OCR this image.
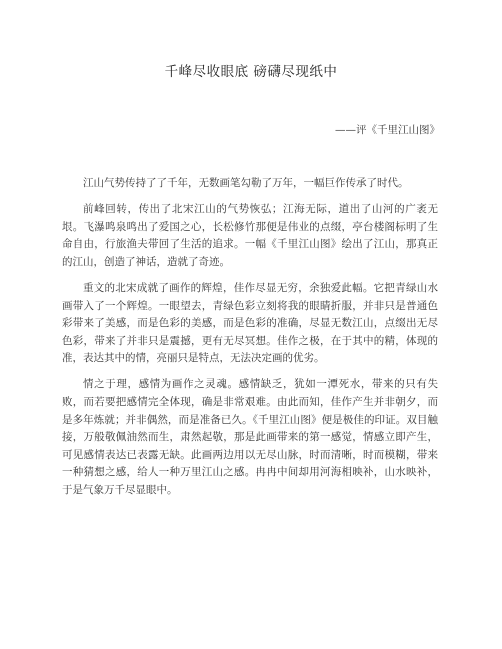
千峰尽收眼底 磅礴尽现纸中
——评《千里江山图》

江山气势传持了了千年，无数画笔勾勒了万年，一幅巨作传承了时代。

前峰回转，传出了北宋江山的气势恢弘；江海无际，道出了山河的广袤无垠。飞瀑鸣泉鸣出了爱国之心，长松修竹那便是伟业的点缀，亭台楼阁标明了生命自由，行旅渔夫带回了生活的追求。一幅《千里江山图》绘出了江山，那真正的江山，创造了神话，造就了奇迹。

重文的北宋成就了画作的辉煌，佳作尽显无穷，余独爱此幅。它把青绿山水画带入了一个辉煌。一眼望去，青绿色彩立刻将我的眼睛折服，并非只是普通色彩带来了美感，而是色彩的美感，而是色彩的准确，尽显无数江山，点缀出无尽色彩，带来了并非只是震撼，更有无尽冥想。佳作之极，在于其中的精，体现的准，表达其中的情，亮丽只是特点，无法决定画的优劣。

情之于理，感情为画作之灵魂。感情缺乏，犹如一潭死水，带来的只有失败，而若要把感情完全体现，确是非常艰难。由此而知，佳作产生并非朝夕，而是多年炼就；并非偶然，而是准备已久。《千里江山图》便是极佳的印证。双目触接，万般敬佩油然而生，肃然起敬，那是此画带来的第一感觉，情感立即产生，可见感情表达已表露无缺。此画两边用以无尽山脉，时而清晰，时而模糊，带来一种猜想之感，给人一种万里江山之感。冉冉中间却用河海相映补，山水映补，于是气象万千尽显眼中。
